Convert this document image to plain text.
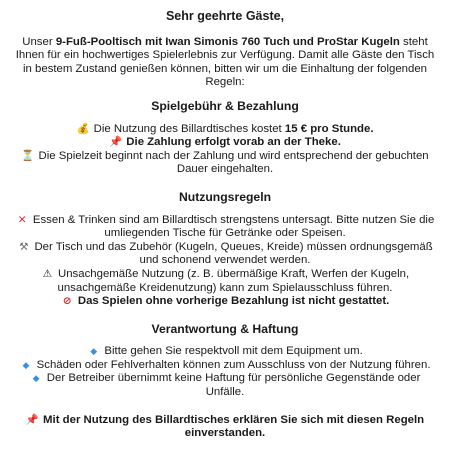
Sehr geehrte Gäste,
Unser 9-Fuß-Pooltisch mit Iwan Simonis 760 Tuch und ProStar Kugeln steht Ihnen für ein hochwertiges Spielerlebnis zur Verfügung. Damit alle Gäste den Tisch in bestem Zustand genießen können, bitten wir um die Einhaltung der folgenden Regeln:
Spielgebühr & Bezahlung
💰 Die Nutzung des Billardtisches kostet 15 € pro Stunde.
📌 Die Zahlung erfolgt vorab an der Theke.
⏳ Die Spielzeit beginnt nach der Zahlung und wird entsprechend der gebuchten Dauer eingehalten.
Nutzungsregeln
✕ Essen & Trinken sind am Billardtisch strengstens untersagt. Bitte nutzen Sie die umliegenden Tische für Getränke oder Speisen.
⚒ Der Tisch und das Zubehör (Kugeln, Queues, Kreide) müssen ordnungsgemäß und schonend verwendet werden.
⚠ Unsachgemäße Nutzung (z. B. übermäßige Kraft, Werfen der Kugeln, unsachgemäße Kreidenutzung) kann zum Spielausschluss führen.
⊘ Das Spielen ohne vorherige Bezahlung ist nicht gestattet.
Verantwortung & Haftung
◆ Bitte gehen Sie respektvoll mit dem Equipment um.
◆ Schäden oder Fehlverhalten können zum Ausschluss von der Nutzung führen.
◆ Der Betreiber übernimmt keine Haftung für persönliche Gegenstände oder Unfälle.
📌 Mit der Nutzung des Billardtisches erklären Sie sich mit diesen Regeln einverstanden.
